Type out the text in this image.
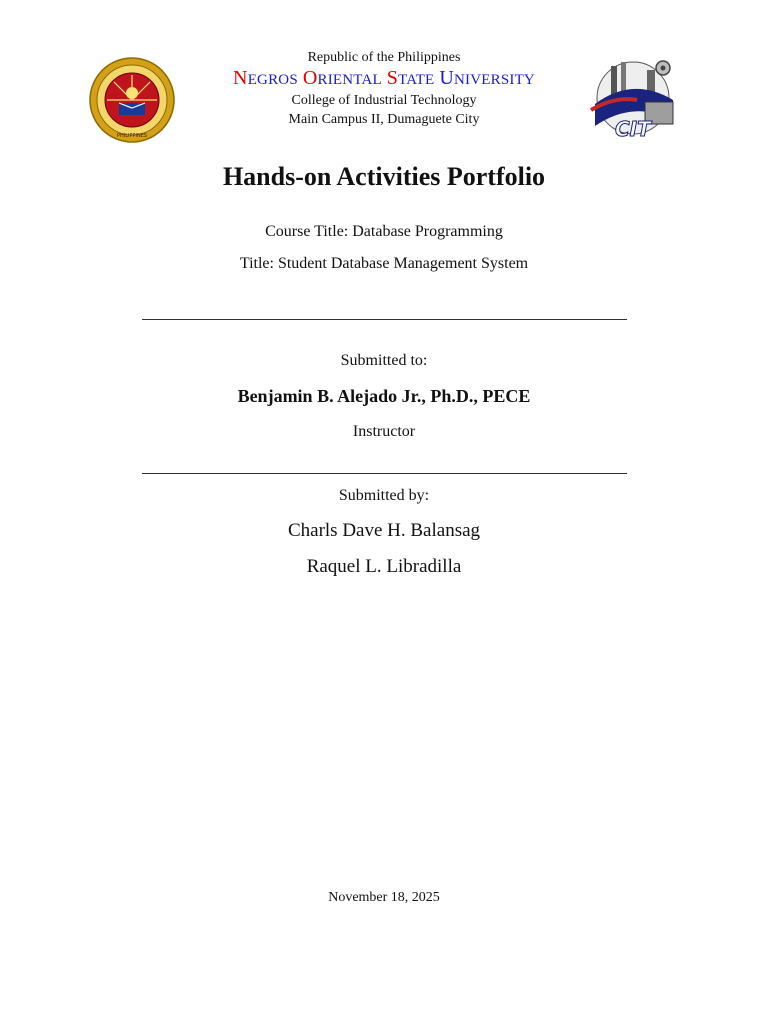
PHILIPPINES	CIT
Republic of the Philippines
NEGROS ORIENTAL STATE UNIVERSITY
College of Industrial Technology
Main Campus II, Dumaguete City
Hands-on Activities Portfolio
Course Title: Database Programming
Title: Student Database Management System
Submitted to:
Benjamin B. Alejado Jr., Ph.D., PECE
Instructor
Submitted by:
Charls Dave H. Balansag
Raquel L. Libradilla
November 18, 2025
